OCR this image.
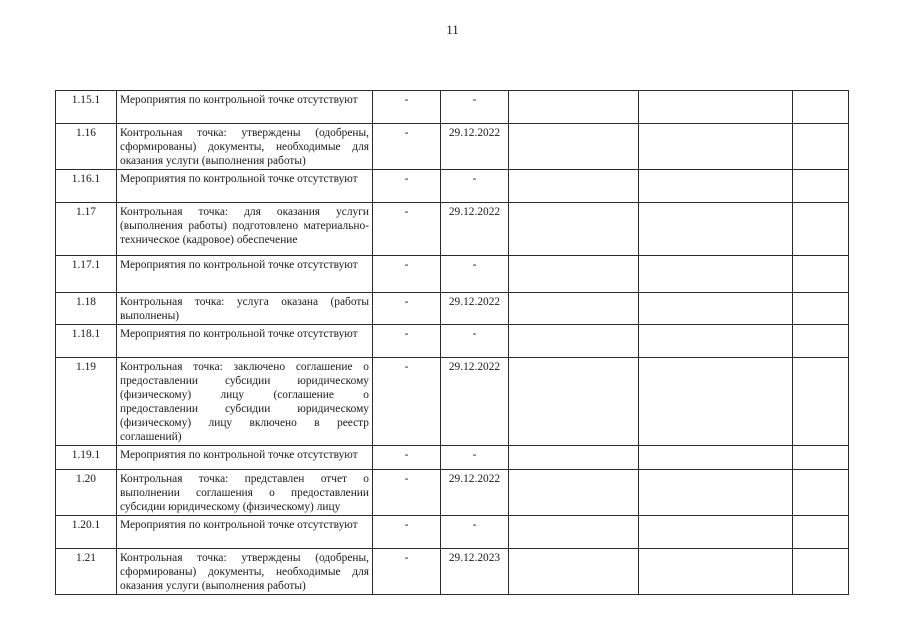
11
1.15.1	Мероприятия по контрольной точке отсутствуют	-	-			
1.16	Контрольная точка: утверждены (одобрены, сформированы) документы, необходимые для оказания услуги (выполнения работы)	-	29.12.2022			
1.16.1	Мероприятия по контрольной точке отсутствуют	-	-			
1.17	Контрольная точка: для оказания услуги (выполнения работы) подготовлено материально-техническое (кадровое) обеспечение	-	29.12.2022			
1.17.1	Мероприятия по контрольной точке отсутствуют	-	-			
1.18	Контрольная точка: услуга оказана (работы выполнены)	-	29.12.2022			
1.18.1	Мероприятия по контрольной точке отсутствуют	-	-			
1.19	Контрольная точка: заключено соглашение о предоставлении субсидии юридическому (физическому) лицу (соглашение о предоставлении субсидии юридическому (физическому) лицу включено в реестр соглашений)	-	29.12.2022			
1.19.1	Мероприятия по контрольной точке отсутствуют	-	-			
1.20	Контрольная точка: представлен отчет о выполнении соглашения о предоставлении субсидии юридическому (физическому) лицу	-	29.12.2022			
1.20.1	Мероприятия по контрольной точке отсутствуют	-	-			
1.21	Контрольная точка: утверждены (одобрены, сформированы) документы, необходимые для оказания услуги (выполнения работы)	-	29.12.2023			
